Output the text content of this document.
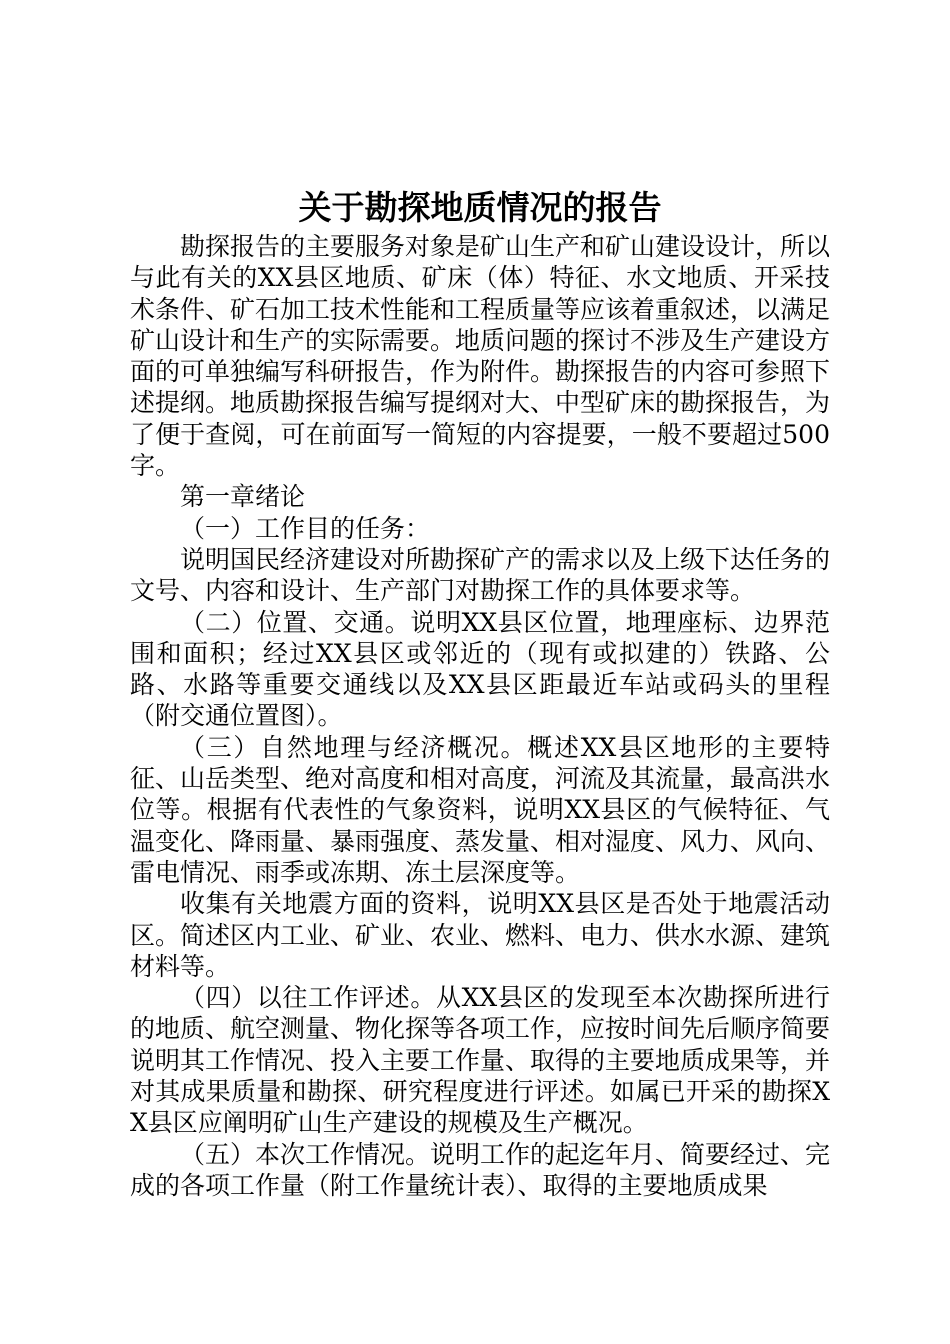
关于勘探地质情况的报告

勘探报告的主要服务对象是矿山生产和矿山建设设计，所以与此有关的XX县区地质、矿床（体）特征、水文地质、开采技术条件、矿石加工技术性能和工程质量等应该着重叙述，以满足矿山设计和生产的实际需要。地质问题的探讨不涉及生产建设方面的可单独编写科研报告，作为附件。勘探报告的内容可参照下述提纲。地质勘探报告编写提纲对大、中型矿床的勘探报告，为了便于查阅，可在前面写一简短的内容提要，一般不要超过500字。

第一章绪论

（一）工作目的任务：

说明国民经济建设对所勘探矿产的需求以及上级下达任务的文号、内容和设计、生产部门对勘探工作的具体要求等。

（二）位置、交通。说明XX县区位置，地理座标、边界范围和面积；经过XX县区或邻近的（现有或拟建的）铁路、公路、水路等重要交通线以及XX县区距最近车站或码头的里程（附交通位置图）。

（三）自然地理与经济概况。概述XX县区地形的主要特征、山岳类型、绝对高度和相对高度，河流及其流量，最高洪水位等。根据有代表性的气象资料，说明XX县区的气候特征、气温变化、降雨量、暴雨强度、蒸发量、相对湿度、风力、风向、雷电情况、雨季或冻期、冻土层深度等。

收集有关地震方面的资料，说明XX县区是否处于地震活动区。简述区内工业、矿业、农业、燃料、电力、供水水源、建筑材料等。

（四）以往工作评述。从XX县区的发现至本次勘探所进行的地质、航空测量、物化探等各项工作，应按时间先后顺序简要说明其工作情况、投入主要工作量、取得的主要地质成果等，并对其成果质量和勘探、研究程度进行评述。如属已开采的勘探XX县区应阐明矿山生产建设的规模及生产概况。

（五）本次工作情况。说明工作的起迄年月、简要经过、完成的各项工作量（附工作量统计表）、取得的主要地质成果
